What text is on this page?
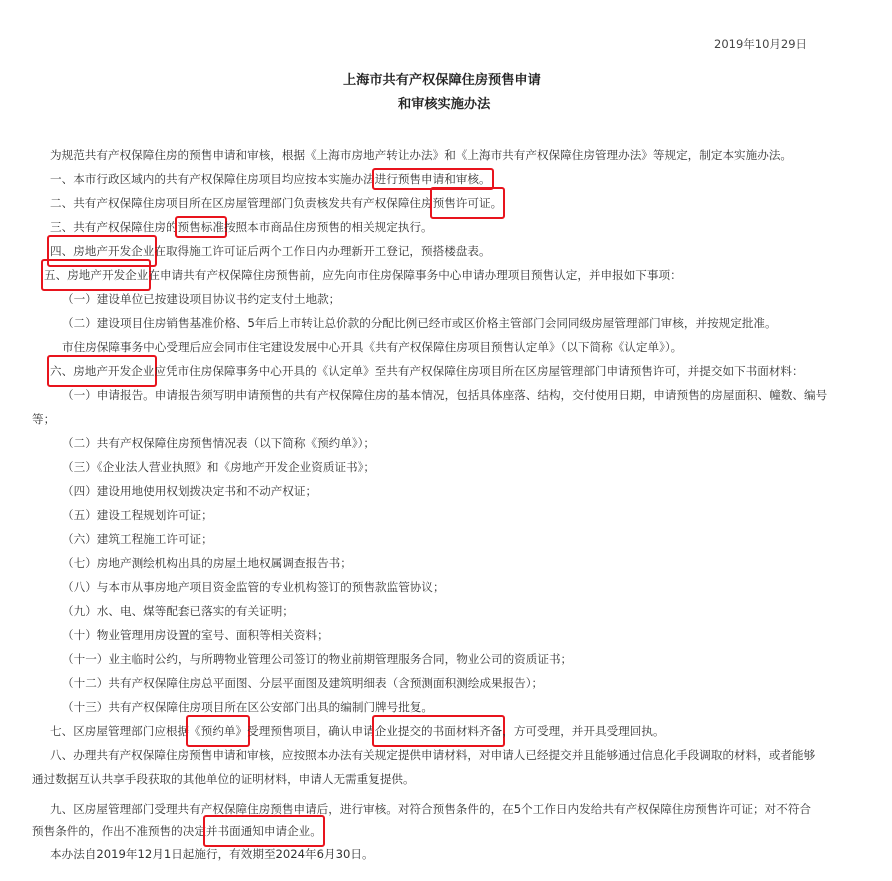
2019年10月29日
上海市共有产权保障住房预售申请
和审核实施办法
为规范共有产权保障住房的预售申请和审核，根据《上海市房地产转让办法》和《上海市共有产权保障住房管理办法》等规定，制定本实施办法。
一、本市行政区域内的共有产权保障住房项目均应按本实施办法进行预售申请和审核。
二、共有产权保障住房项目所在区房屋管理部门负责核发共有产权保障住房预售许可证。
三、共有产权保障住房的预售标准按照本市商品住房预售的相关规定执行。
四、房地产开发企业在取得施工许可证后两个工作日内办理新开工登记，预搭楼盘表。
五、房地产开发企业在申请共有产权保障住房预售前，应先向市住房保障事务中心申请办理项目预售认定，并申报如下事项：
（一）建设单位已按建设项目协议书约定支付土地款；
（二）建设项目住房销售基准价格、5年后上市转让总价款的分配比例已经市或区价格主管部门会同同级房屋管理部门审核，并按规定批准。
市住房保障事务中心受理后应会同市住宅建设发展中心开具《共有产权保障住房项目预售认定单》（以下简称《认定单》）。
六、房地产开发企业应凭市住房保障事务中心开具的《认定单》至共有产权保障住房项目所在区房屋管理部门申请预售许可，并提交如下书面材料：
（一）申请报告。申请报告须写明申请预售的共有产权保障住房的基本情况，包括具体座落、结构，交付使用日期，申请预售的房屋面积、幢数、编号
等；
（二）共有产权保障住房预售情况表（以下简称《预约单》）；
（三）《企业法人营业执照》和《房地产开发企业资质证书》；
（四）建设用地使用权划拨决定书和不动产权证；
（五）建设工程规划许可证；
（六）建筑工程施工许可证；
（七）房地产测绘机构出具的房屋土地权属调查报告书；
（八）与本市从事房地产项目资金监管的专业机构签订的预售款监管协议；
（九）水、电、煤等配套已落实的有关证明；
（十）物业管理用房设置的室号、面积等相关资料；
（十一）业主临时公约，与所聘物业管理公司签订的物业前期管理服务合同，物业公司的资质证书；
（十二）共有产权保障住房总平面图、分层平面图及建筑明细表（含预测面积测绘成果报告）；
（十三）共有产权保障住房项目所在区公安部门出具的编制门牌号批复。
七、区房屋管理部门应根据《预约单》受理预售项目，确认申请企业提交的书面材料齐备，方可受理，并开具受理回执。
八、办理共有产权保障住房预售申请和审核，应按照本办法有关规定提供申请材料，对申请人已经提交并且能够通过信息化手段调取的材料，或者能够
通过数据互认共享手段获取的其他单位的证明材料，申请人无需重复提供。
九、区房屋管理部门受理共有产权保障住房预售申请后，进行审核。对符合预售条件的，在5个工作日内发给共有产权保障住房预售许可证；对不符合
预售条件的，作出不准预售的决定并书面通知申请企业。
本办法自2019年12月1日起施行，有效期至2024年6月30日。
